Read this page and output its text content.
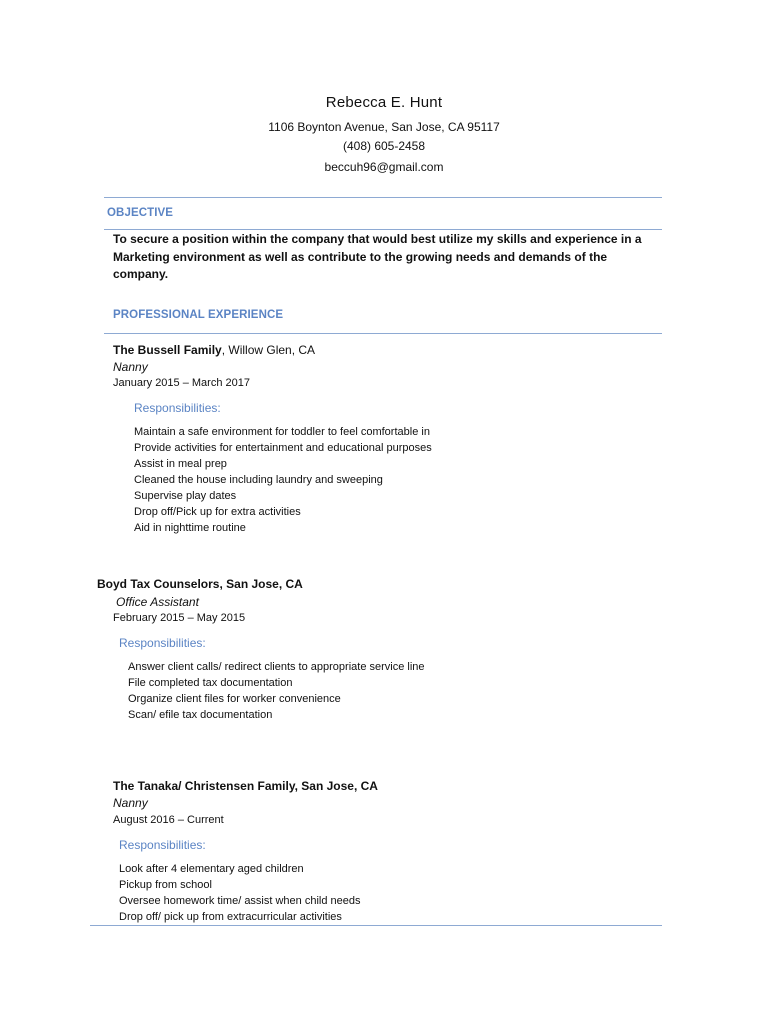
Rebecca E. Hunt
1106 Boynton Avenue, San Jose, CA 95117
(408) 605-2458
beccuh96@gmail.com
OBJECTIVE
To secure a position within the company that would best utilize my skills and experience in a Marketing environment as well as contribute to the growing needs and demands of the company.
PROFESSIONAL EXPERIENCE
The Bussell Family, Willow Glen, CA
Nanny
January 2015 – March 2017
Responsibilities:
Maintain a safe environment for toddler to feel comfortable in
Provide activities for entertainment and educational purposes
Assist in meal prep
Cleaned the house including laundry and sweeping
Supervise play dates
Drop off/Pick up for extra activities
Aid in nighttime routine
Boyd Tax Counselors, San Jose, CA
Office Assistant
February 2015 – May 2015
Responsibilities:
Answer client calls/ redirect clients to appropriate service line
File completed tax documentation
Organize client files for worker convenience
Scan/ efile tax documentation
The Tanaka/ Christensen Family, San Jose, CA
Nanny
August 2016 – Current
Responsibilities:
Look after 4 elementary aged children
Pickup from school
Oversee homework time/ assist when child needs
Drop off/ pick up from extracurricular activities
